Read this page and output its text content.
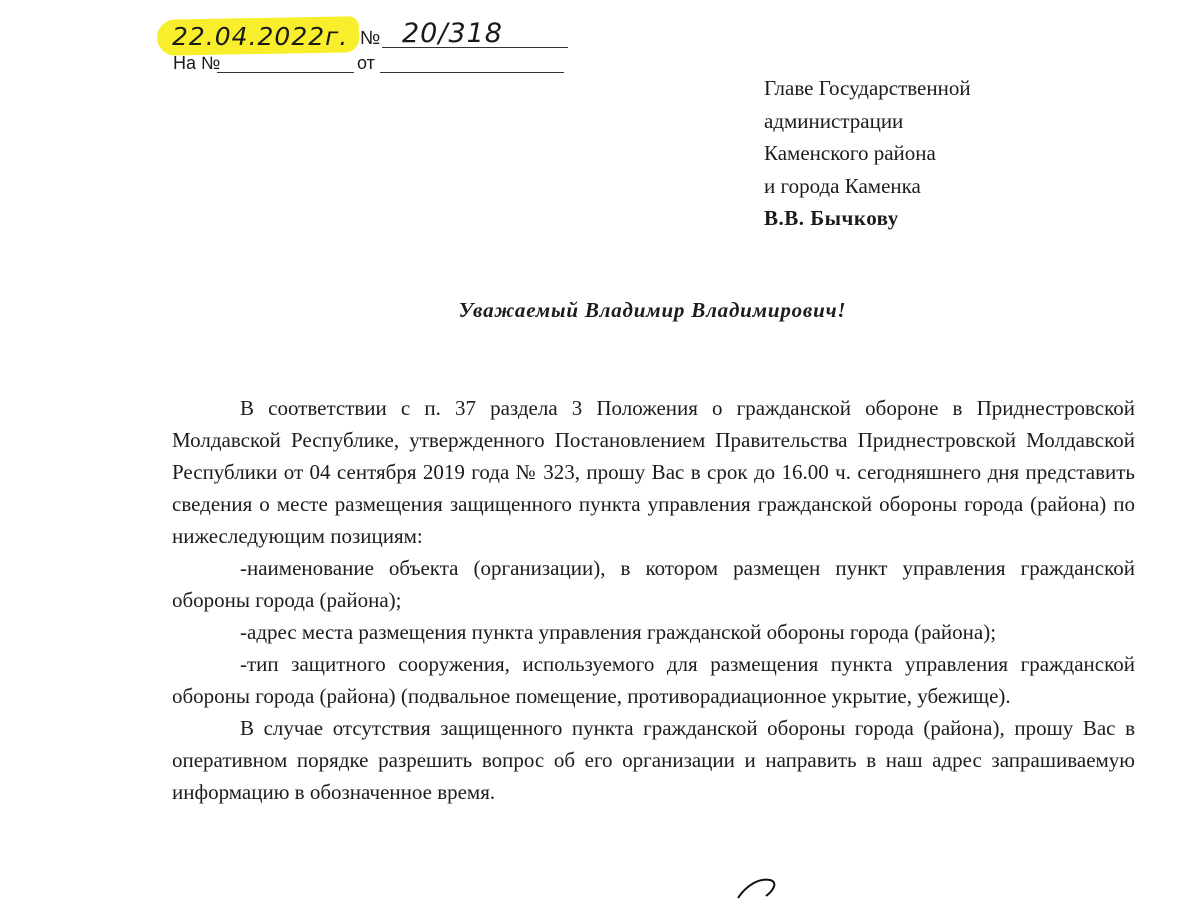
22.04.2022г. № 20/318
На №	от
Главе Государственной
администрации
Каменского района
и города Каменка
В.В. Бычкову
Уважаемый Владимир Владимирович!

В соответствии с п. 37 раздела 3 Положения о гражданской обороне в Приднестровской Молдавской Республике, утвержденного Постановлением Правительства Приднестровской Молдавской Республики от 04 сентября 2019 года № 323, прошу Вас в срок до 16.00 ч. сегодняшнего дня представить сведения о месте размещения защищенного пункта управления гражданской обороны города (района) по нижеследующим позициям:

-наименование объекта (организации), в котором размещен пункт управления гражданской обороны города (района);

-адрес места размещения пункта управления гражданской обороны города (района);

-тип защитного сооружения, используемого для размещения пункта управления гражданской обороны города (района) (подвальное помещение, противорадиационное укрытие, убежище).

В случае отсутствия защищенного пункта гражданской обороны города (района), прошу Вас в оперативном порядке разрешить вопрос об его организации и направить в наш адрес запрашиваемую информацию в обозначенное время.
